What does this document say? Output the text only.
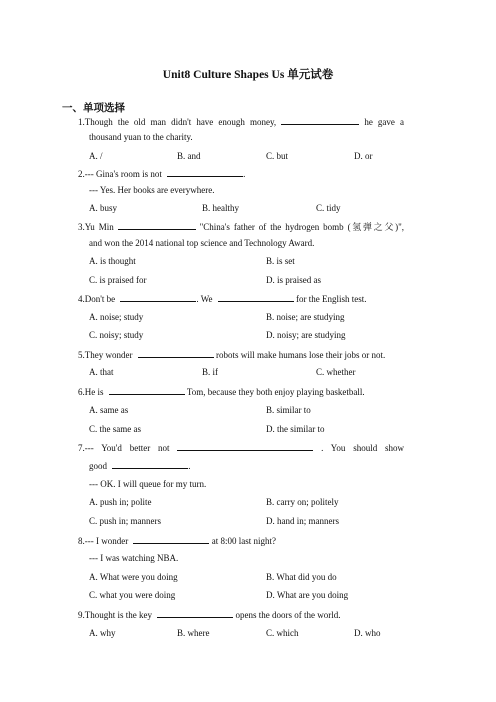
Unit8 Culture Shapes Us 单元试卷
一、单项选择
1.Though the old man didn't have enough money,	he gave a
thousand yuan to the charity.
A. /	B. and	C. but	D. or
2.--- Gina's room is not	.
--- Yes. Her books are everywhere.
A. busy	B. healthy	C. tidy
3.Yu Min	"China's father of the hydrogen bomb (氢弹之父)",
and won the 2014 national top science and Technology Award.
A. is thought	B. is set
C. is praised for	D. is praised as
4.Don't be	. We	for the English test.
A. noise; study	B. noise; are studying
C. noisy; study	D. noisy; are studying
5.They wonder	robots will make humans lose their jobs or not.
A. that	B. if	C. whether
6.He is	Tom, because they both enjoy playing basketball.
A. same as	B. similar to
C. the same as	D. the similar to
7.--- You'd better not	. You should show
good	.
--- OK. I will queue for my turn.
A. push in; polite	B. carry on; politely
C. push in; manners	D. hand in; manners
8.--- I wonder	at 8:00 last night?
--- I was watching NBA.
A. What were you doing	B. What did you do
C. what you were doing	D. What are you doing
9.Thought is the key	opens the doors of the world.
A. why	B. where	C. which	D. who
